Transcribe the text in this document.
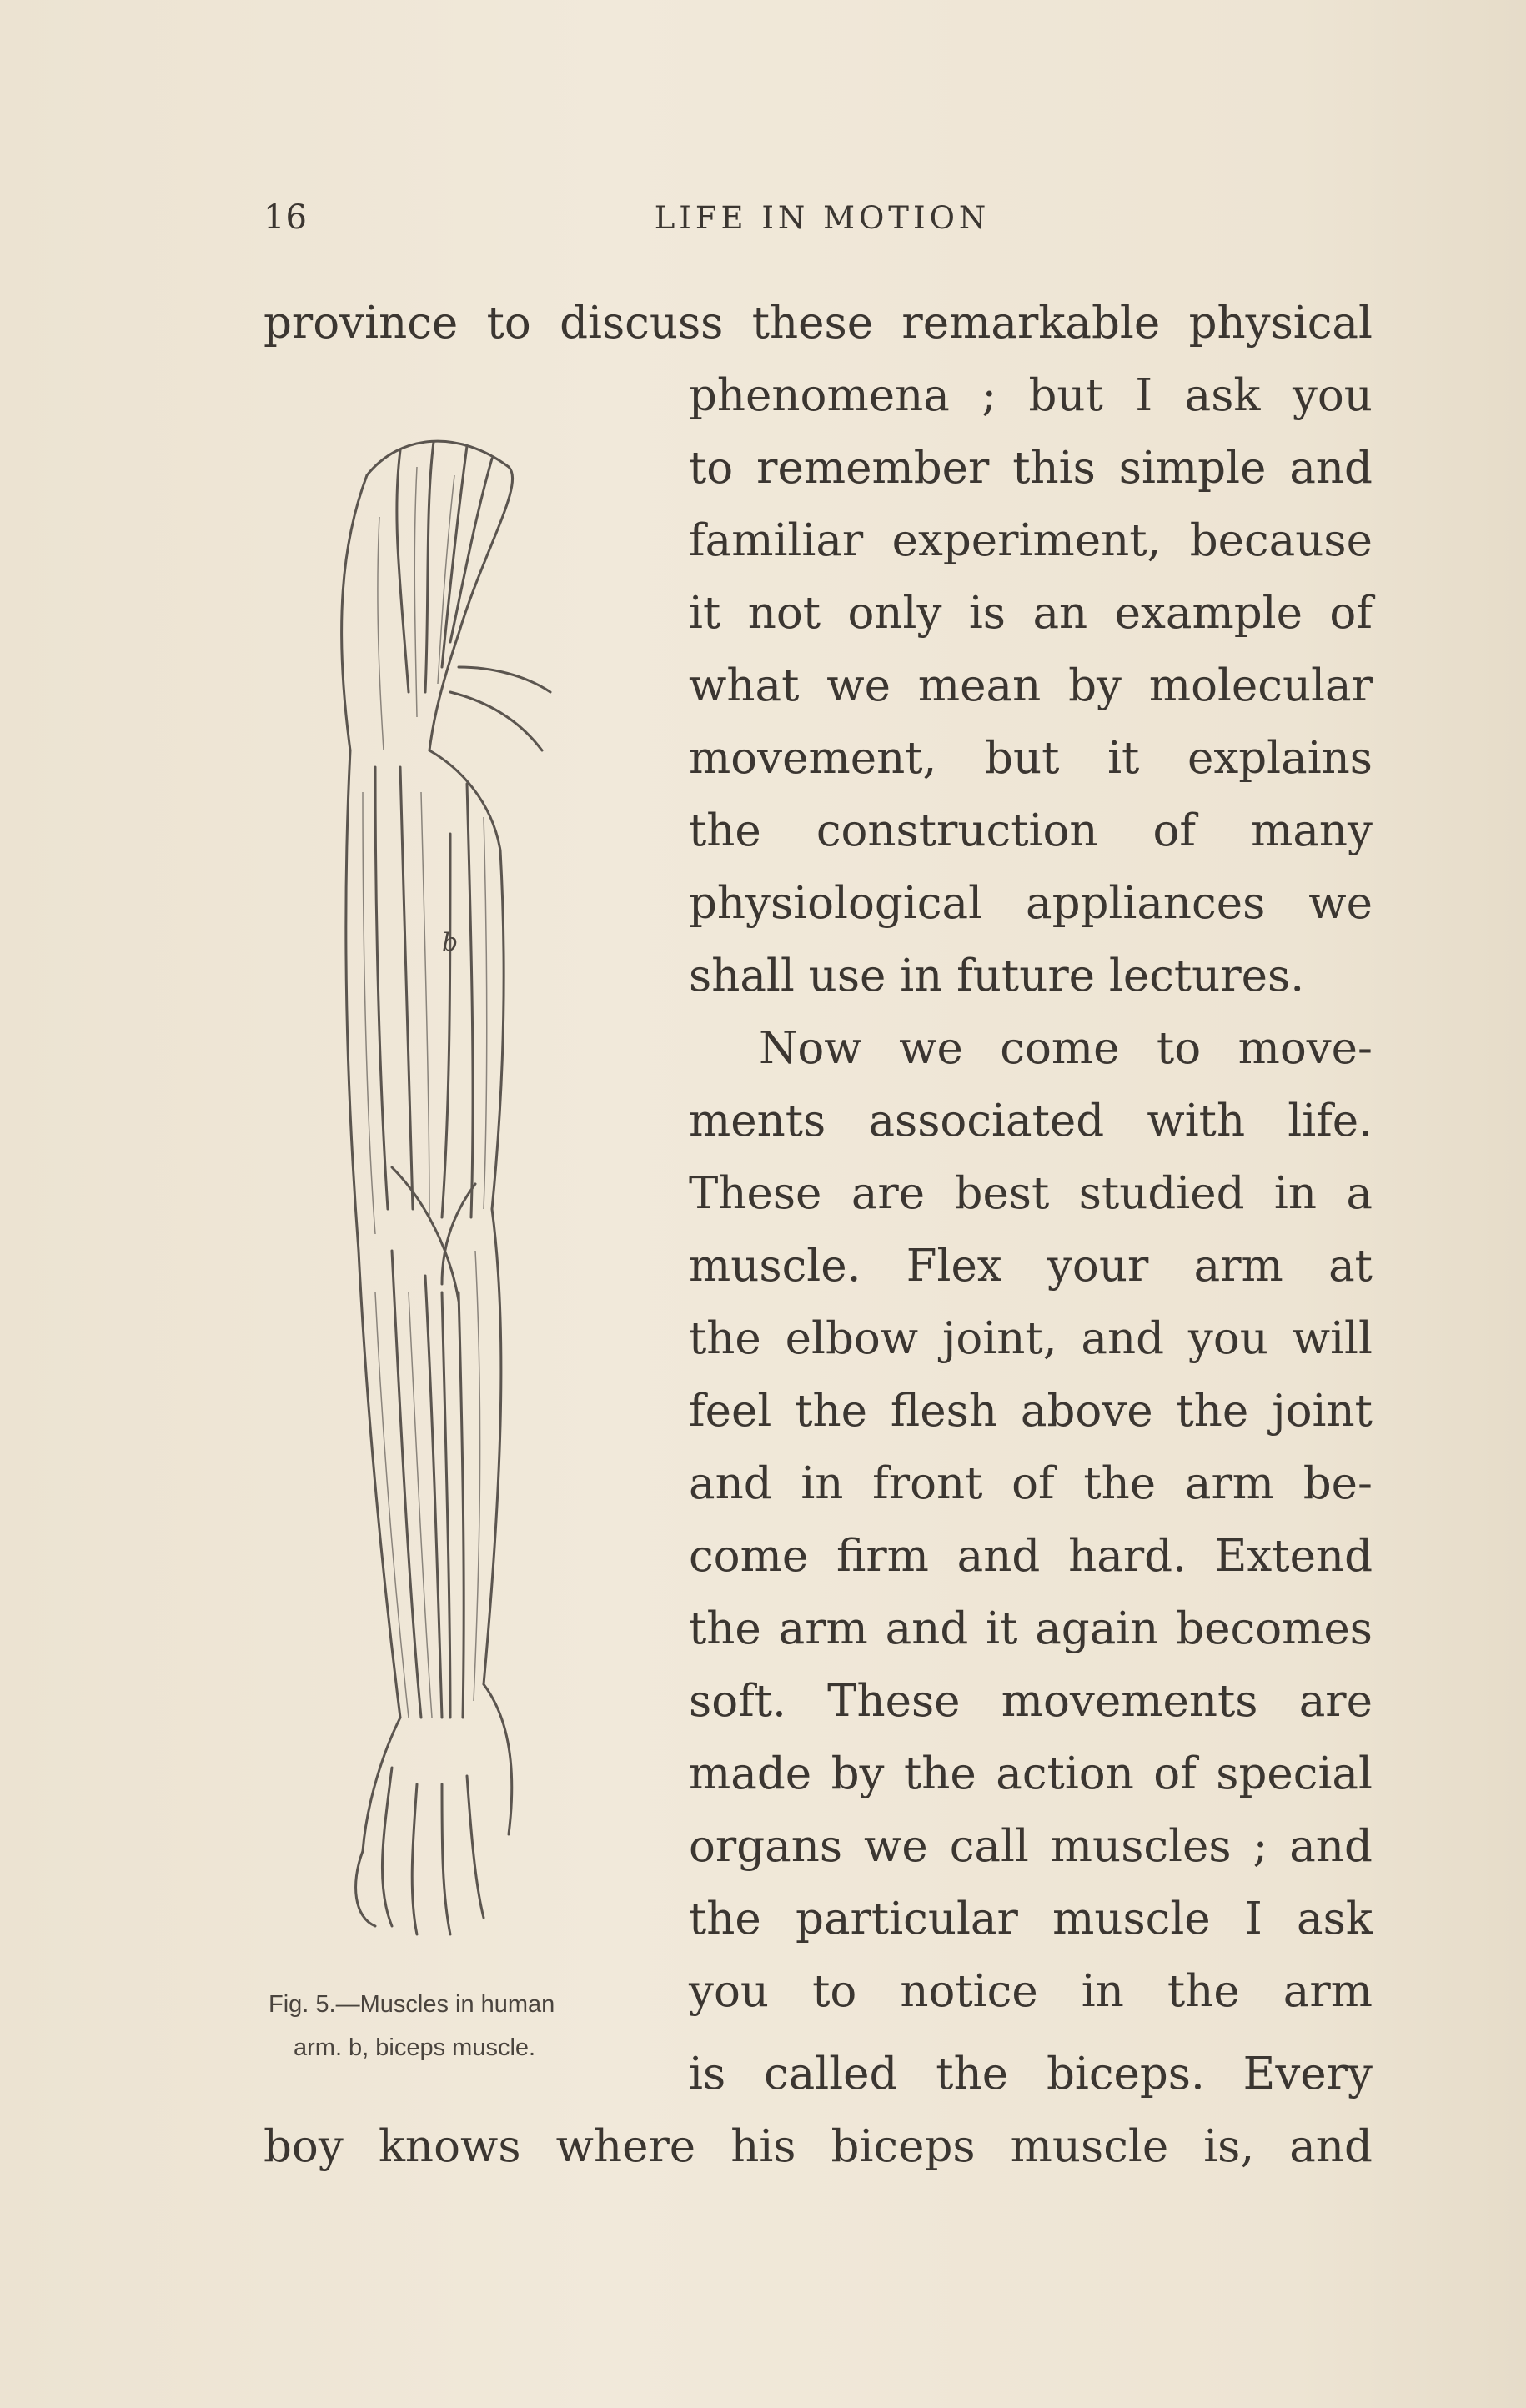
16	LIFE IN MOTION
province to discuss these remarkable physical
phenomena ; but I ask you
to remember this simple and
familiar experiment, because
it not only is an example of
what we mean by molecular
movement, but it explains
the construction of many
physiological appliances we
shall use in future lectures.
Now we come to move-
ments associated with life.
These are best studied in a
muscle. Flex your arm at
the elbow joint, and you will
feel the flesh above the joint
and in front of the arm be-
come firm and hard. Extend
the arm and it again becomes
soft. These movements are
made by the action of special
organs we call muscles ; and
the particular muscle I ask
you to notice in the arm
is called the biceps. Every
boy knows where his biceps muscle is, and
b
Fig. 5.—Muscles in human
arm. b, biceps muscle.
